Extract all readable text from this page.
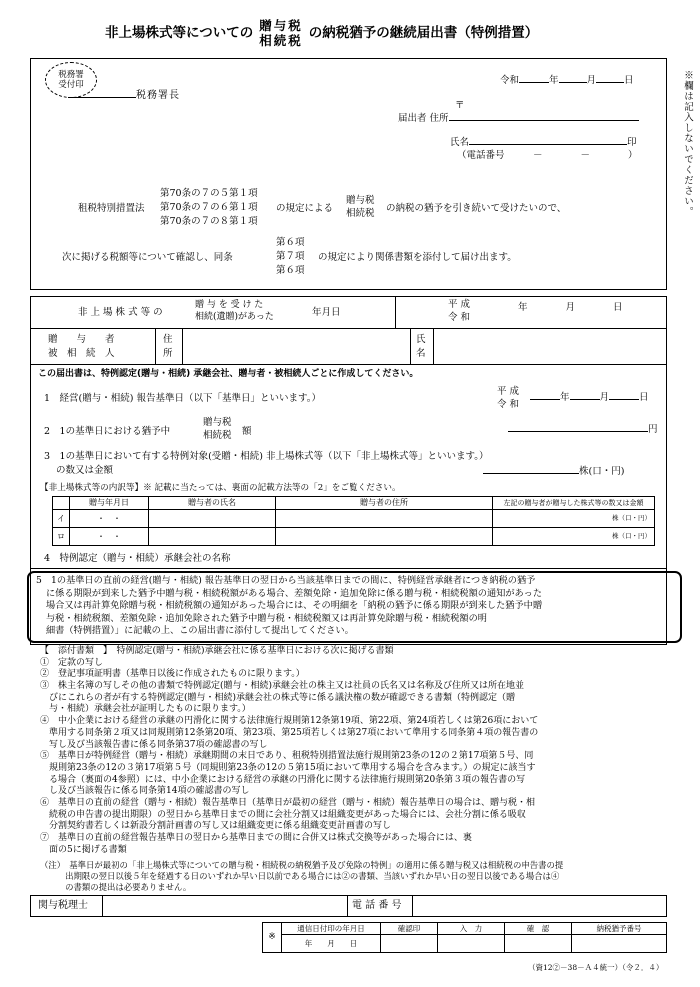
非上場株式等についての 贈与税
相続税 の納税猶予の継続届出書（特例措置）
※欄は記入しないでください。
税務署
受付印	令和	年	月	日
税務署長
〒
届出者 住所
氏名	印
（電話番号　　　	－　　　　－　　　　）
租税特別措置法
第70条の７の５第１項
第70条の７の６第１項
第70条の７の８第１項
の規定による
贈与税
相続税 の納税の猶予を引き続いて受けたいので、
次に掲げる税額等について確認し、同条
第６項
第７項
第６項
の規定により関係書類を添付して届け出ます。
非 上 場 株 式 等 の
贈 与 を 受 け た
相続(遺贈)があった	年月日
平 成
令 和
年	月	日
贈　　与　　者
被　相　続　人
住
所
氏
名
この届出書は、特例認定(贈与・相続) 承継会社、贈与者・被相続人ごとに作成してください。
1　経営(贈与・相続) 報告基準日（以下「基準日」といいます。）
平 成
令 和
年	月	日
2　1の基準日における猶予中
贈与税
相続税 額	円
3　1の基準日において有する特例対象(受贈・相続) 非上場株式等（以下「非上場株式等」といいます。）
の数又は金額	株(口・円)
【非上場株式等の内訳等】※ 記載に当たっては、裏面の記載方法等の「2」をご覧ください。
	贈与年月日	贈与者の氏名	贈与者の住所	左記の贈与者が贈与した株式等の数又は金額
イ	・　・			株（口・円）
ロ	・　・			株（口・円）
4　特例認定（贈与・相続）承継会社の名称
5　1の基準日の直前の経営(贈与・相続) 報告基準日の翌日から当該基準日までの間に、特例経営承継者につき納税の猶予
に係る期限が到来した猶予中贈与税・相続税額がある場合、差額免除・追加免除に係る贈与税・相続税額の通知があった
場合又は再計算免除贈与税・相続税額の通知があった場合には、その明細を「納税の猶予に係る期限が到来した猶予中贈
与税・相続税額、差額免除・追加免除された猶予中贈与税・相続税額又は再計算免除贈与税・相続税額の明
細書（特例措置）」に記載の上、この届出書に添付して提出してください。

【　添付書類　】　特例認定(贈与・相続)承継会社に係る基準日における次に掲げる書類

①　定款の写し

②　登記事項証明書（基準日以後に作成されたものに限ります。）

③　株主名簿の写しその他の書類で特例認定(贈与・相続)承継会社の株主又は社員の氏名又は名称及び住所又は所在地並

　びにこれらの者が有する特例認定(贈与・相続)承継会社の株式等に係る議決権の数が確認できる書類（特例認定（贈

　与・相続）承継会社が証明したものに限ります。）

④　中小企業における経営の承継の円滑化に関する法律施行規則第12条第19項、第22項、第24項若しくは第26項において

　準用する同条第２項又は同規則第12条第20項、第23項、第25項若しくは第27項において準用する同条第４項の報告書の

　写し及び当該報告書に係る同条第37項の確認書の写し

⑤　基準日が特例経営（贈与・相続）承継期間の末日であり、租税特別措置法施行規則第23条の12の２第17項第５号、同

　規則第23条の12の３第17項第５号（同規則第23条の12の５第15項において準用する場合を含みます。）の規定に該当す

　る場合（裏面の4参照）には、中小企業における経営の承継の円滑化に関する法律施行規則第20条第３項の報告書の写

　し及び当該報告に係る同条第14項の確認書の写し

⑥　基準日の直前の経営（贈与・相続）報告基準日（基準日が最初の経営（贈与・相続）報告基準日の場合は、贈与税・相

　続税の申告書の提出期限）の翌日から基準日までの間に会社分割又は組織変更があった場合には、会社分割に係る吸収

　分割契約書若しくは新設分割計画書の写し又は組織変更に係る組織変更計画書の写し

⑦　基準日の直前の経営報告基準日の翌日から基準日までの間に合併又は株式交換等があった場合には、裏

　面の5に掲げる書類

（注）　基準日が最初の「非上場株式等についての贈与税・相続税の納税猶予及び免除の特例」の適用に係る贈与税又は相続税の申告書の提

　　　出期限の翌日以後５年を経過する日のいずれか早い日以前である場合には②の書類、当該いずれか早い日の翌日以後である場合は④

　　　の書類の提出は必要ありません。

関与税理士	電 話 番 号
※	通信日付印の年月日	確認印	入　力	確　認	納税猶予番号
	年　　月　　日				
（資12②－38－Ａ４統一）（令２．４）
